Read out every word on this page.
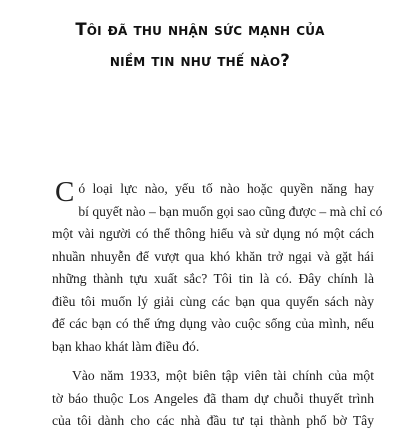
Tôi đã thu nhận sức mạnh của
niềm tin như thế nào?
C ó loại lực nào, yếu tố nào hoặc quyền năng hay
bí quyết nào – bạn muốn gọi sao cũng được – mà chỉ có
một vài người có thể thông hiểu và sử dụng nó một cách
nhuần nhuyễn để vượt qua khó khăn trở ngại và gặt hái
những thành tựu xuất sắc? Tôi tin là có. Đây chính là
điều tôi muốn lý giải cùng các bạn qua quyển sách này
để các bạn có thể ứng dụng vào cuộc sống của mình, nếu
bạn khao khát làm điều đó.
Vào năm 1933, một biên tập viên tài chính của một
tờ báo thuộc Los Angeles đã tham dự chuỗi thuyết trình
của tôi dành cho các nhà đầu tư tại thành phố bờ Tây
